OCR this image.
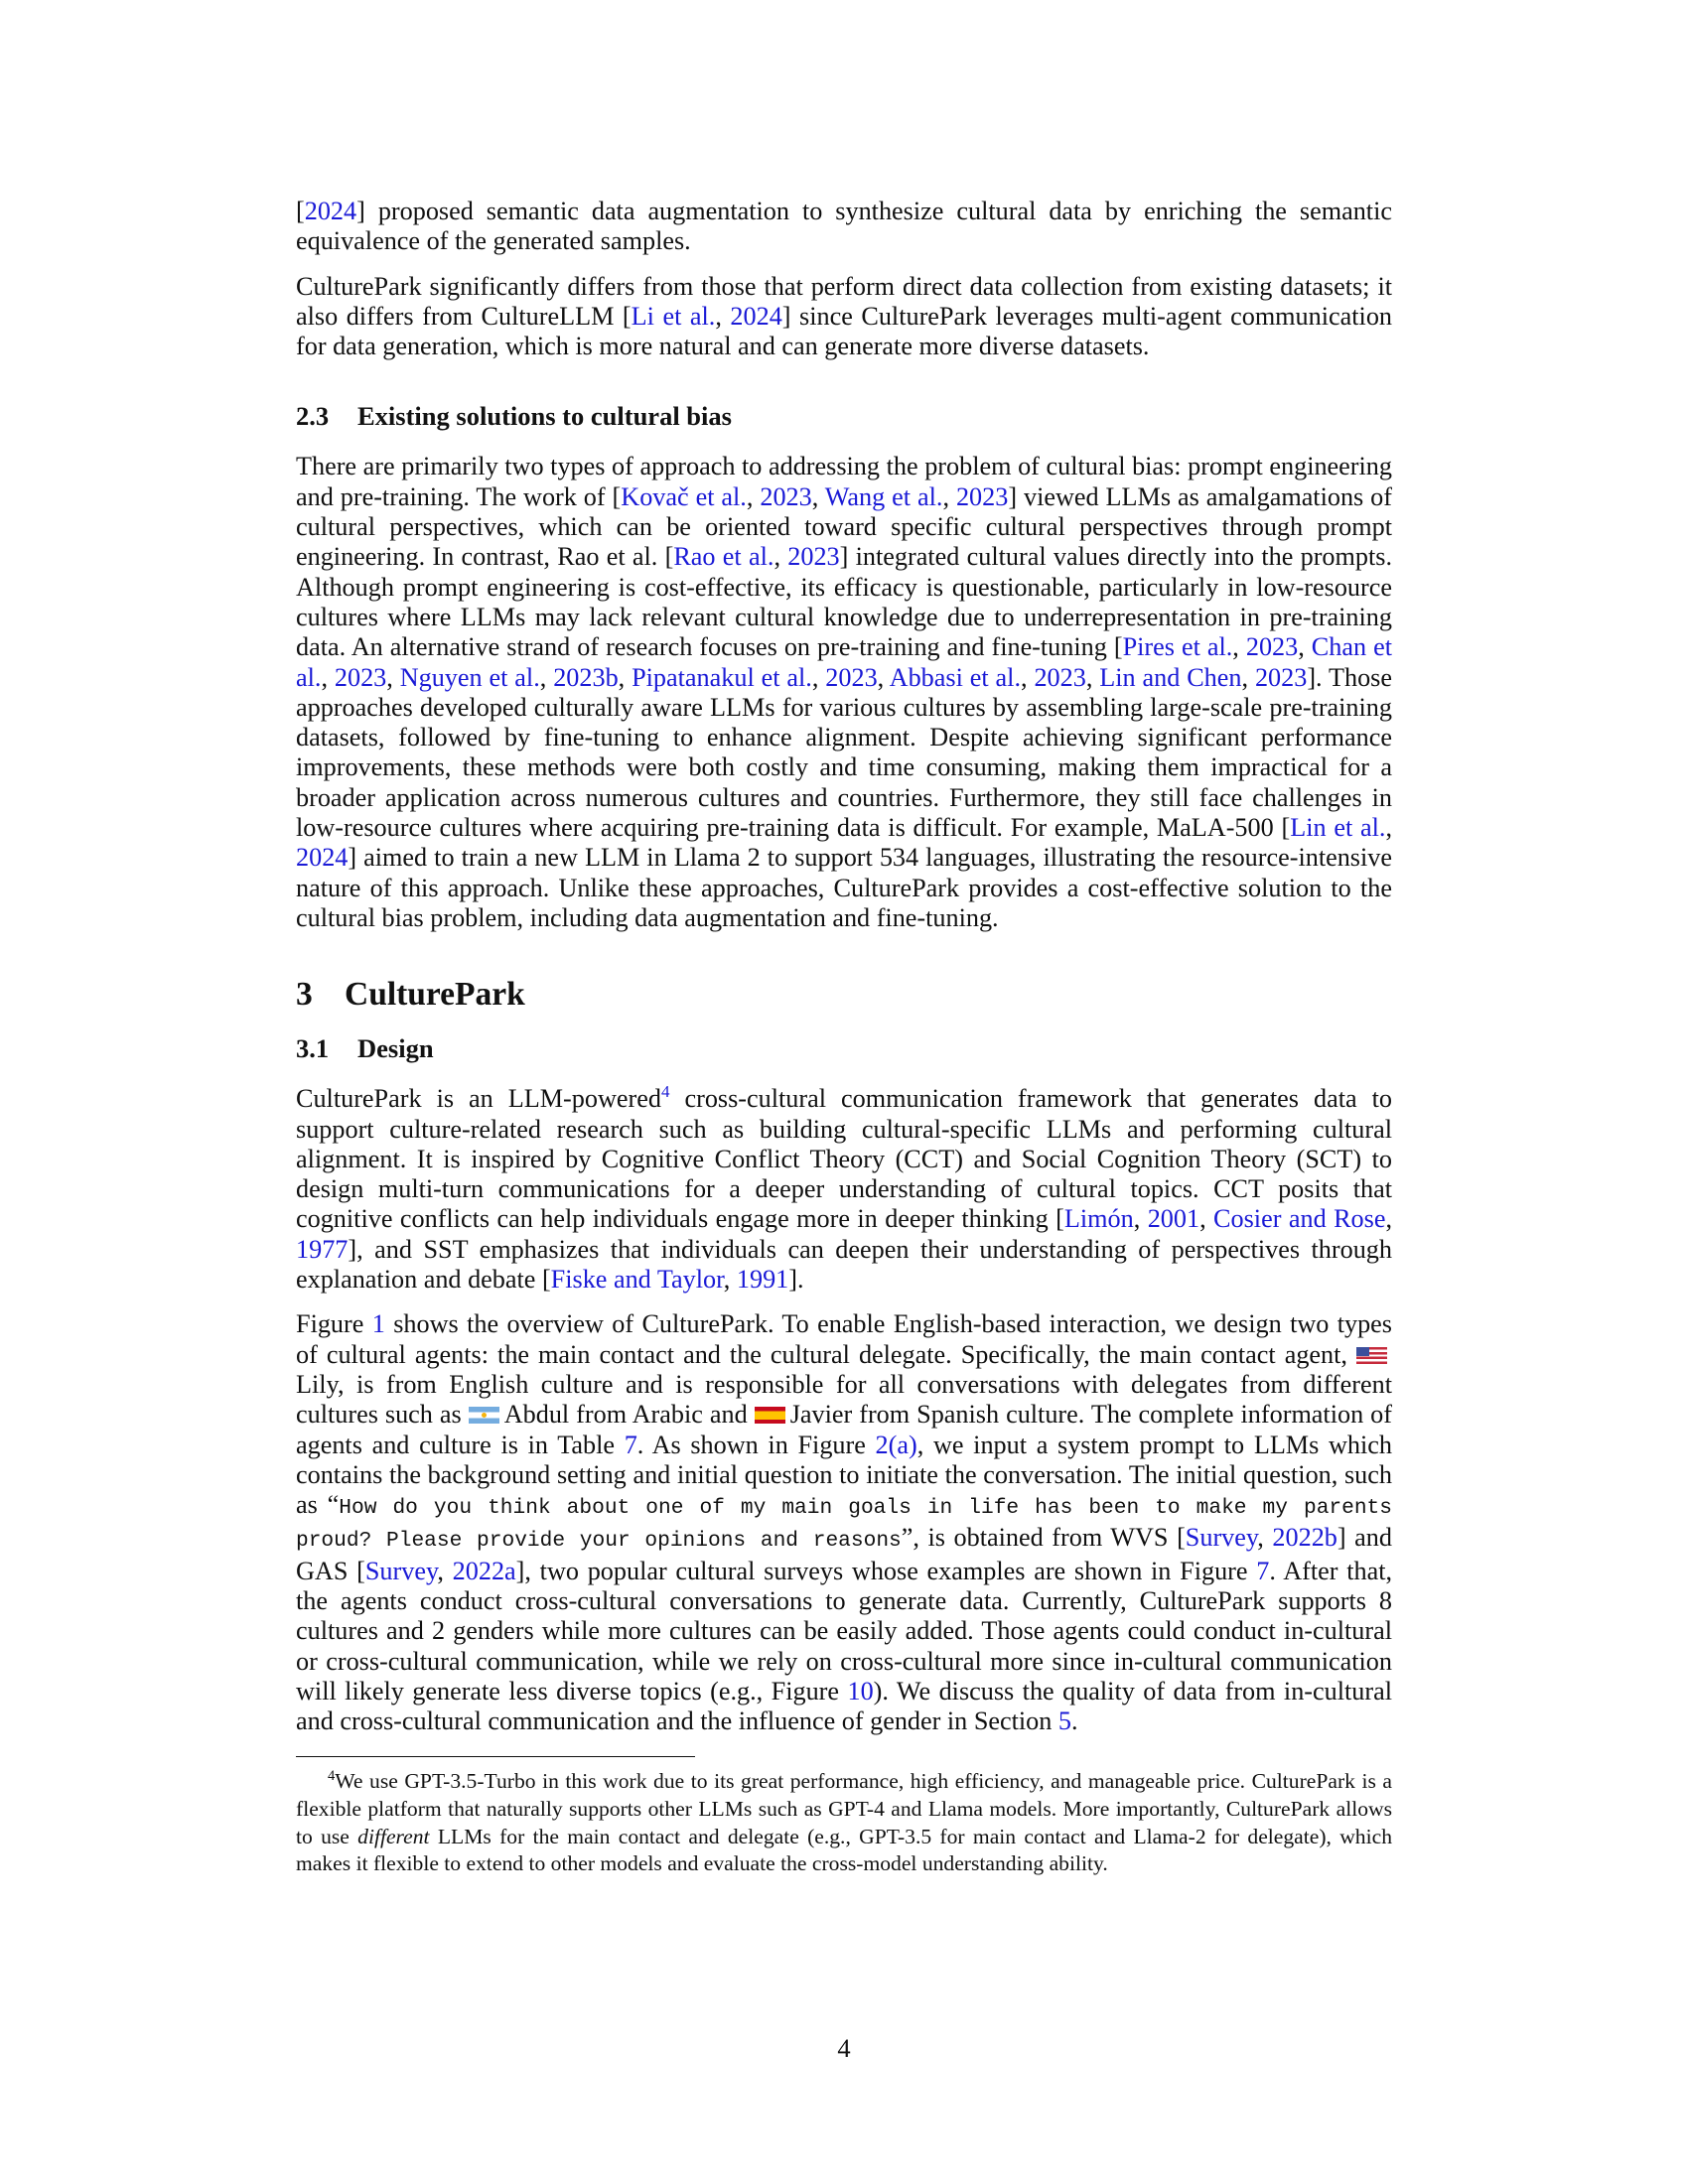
[2024] proposed semantic data augmentation to synthesize cultural data by enriching the semantic equivalence of the generated samples.

CulturePark significantly differs from those that perform direct data collection from existing datasets; it also differs from CultureLLM [Li et al., 2024] since CulturePark leverages multi-agent communication for data generation, which is more natural and can generate more diverse datasets.

2.3 Existing solutions to cultural bias

There are primarily two types of approach to addressing the problem of cultural bias: prompt engineering and pre-training. The work of [Kovač et al., 2023, Wang et al., 2023] viewed LLMs as amalgamations of cultural perspectives, which can be oriented toward specific cultural perspectives through prompt engineering. In contrast, Rao et al. [Rao et al., 2023] integrated cultural values directly into the prompts. Although prompt engineering is cost-effective, its efficacy is questionable, particularly in low-resource cultures where LLMs may lack relevant cultural knowledge due to underrepresentation in pre-training data. An alternative strand of research focuses on pre-training and fine-tuning [Pires et al., 2023, Chan et al., 2023, Nguyen et al., 2023b, Pipatanakul et al., 2023, Abbasi et al., 2023, Lin and Chen, 2023]. Those approaches developed culturally aware LLMs for various cultures by assembling large-scale pre-training datasets, followed by fine-tuning to enhance alignment. Despite achieving significant performance improvements, these methods were both costly and time consuming, making them impractical for a broader application across numerous cultures and countries. Furthermore, they still face challenges in low-resource cultures where acquiring pre-training data is difficult. For example, MaLA-500 [Lin et al., 2024] aimed to train a new LLM in Llama 2 to support 534 languages, illustrating the resource-intensive nature of this approach. Unlike these approaches, CulturePark provides a cost-effective solution to the cultural bias problem, including data augmentation and fine-tuning.

3 CulturePark
3.1 Design

CulturePark is an LLM-powered$^4$ cross-cultural communication framework that generates data to support culture-related research such as building cultural-specific LLMs and performing cultural alignment. It is inspired by Cognitive Conflict Theory (CCT) and Social Cognition Theory (SCT) to design multi-turn communications for a deeper understanding of cultural topics. CCT posits that cognitive conflicts can help individuals engage more in deeper thinking [Limón, 2001, Cosier and Rose, 1977], and SST emphasizes that individuals can deepen their understanding of perspectives through explanation and debate [Fiske and Taylor, 1991].

Figure 1 shows the overview of CulturePark. To enable English-based interaction, we design two types of cultural agents: the main contact and the cultural delegate. Specifically, the main contact agent, Lily, is from English culture and is responsible for all conversations with delegates from different cultures such as Abdul from Arabic and Javier from Spanish culture. The complete information of agents and culture is in Table 7. As shown in Figure 2(a), we input a system prompt to LLMs which contains the background setting and initial question to initiate the conversation. The initial question, such as “How do you think about one of my main goals in life has been to make my parents proud? Please provide your opinions and reasons”, is obtained from WVS [Survey, 2022b] and GAS [Survey, 2022a], two popular cultural surveys whose examples are shown in Figure 7. After that, the agents conduct cross-cultural conversations to generate data. Currently, CulturePark supports 8 cultures and 2 genders while more cultures can be easily added. Those agents could conduct in-cultural or cross-cultural communication, while we rely on cross-cultural more since in-cultural communication will likely generate less diverse topics (e.g., Figure 10). We discuss the quality of data from in-cultural and cross-cultural communication and the influence of gender in Section 5.

$^4$We use GPT-3.5-Turbo in this work due to its great performance, high efficiency, and manageable price. CulturePark is a flexible platform that naturally supports other LLMs such as GPT-4 and Llama models. More importantly, CulturePark allows to use different LLMs for the main contact and delegate (e.g., GPT-3.5 for main contact and Llama-2 for delegate), which makes it flexible to extend to other models and evaluate the cross-model understanding ability.

4
